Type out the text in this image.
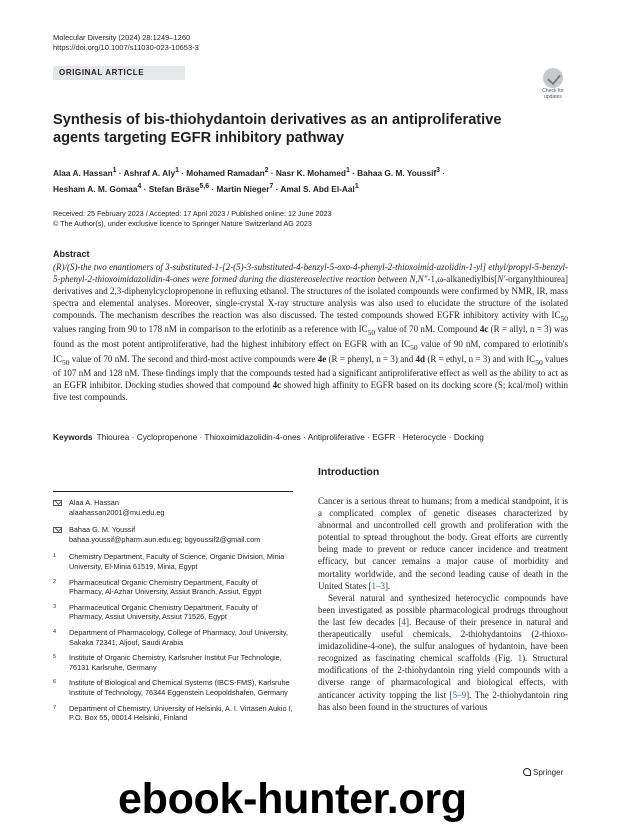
Molecular Diversity (2024) 28:1249–1260
https://doi.org/10.1007/s11030-023-10653-3
ORIGINAL ARTICLE
Check for
updates
Synthesis of bis-thiohydantoin derivatives as an antiproliferative agents targeting EGFR inhibitory pathway
Alaa A. Hassan$^1$ · Ashraf A. Aly$^1$ · Mohamed Ramadan$^2$ · Nasr K. Mohamed$^1$ · Bahaa G. M. Youssif$^3$ ·
Hesham A. M. Gomaa$^4$ · Stefan Bräse$^{5,6}$ · Martin Nieger$^7$ · Amal S. Abd El-Aal$^1$
Received: 25 February 2023 / Accepted: 17 April 2023 / Published online: 12 June 2023
© The Author(s), under exclusive licence to Springer Nature Switzerland AG 2023
Abstract

(R)/(S)-the two enantiomers of 3-substituted-1-[2-(5)-3-substituted-4-benzyl-5-oxo-4-phenyl-2-thioxoimid-azolidin-1-yl] ethyl/propyl-5-benzyl-5-phenyl-2-thioxoimidazolidin-4-ones were formed during the diastereoselective reaction between N,N″-1,ω-alkanediylbis[N′-organylthiourea] derivatives and 2,3-diphenylcyclopropenone in refluxing ethanol. The structures of the isolated compounds were confirmed by NMR, IR, mass spectra and elemental analyses. Moreover, single-crystal X-ray structure analysis was also used to elucidate the structure of the isolated compounds. The mechanism describes the reaction was also discussed. The tested compounds showed EGFR inhibitory activity with $IC_{50}$ values ranging from 90 to 178 nM in comparison to the erlotinib as a reference with $IC_{50}$ value of 70 nM. Compound 4c (R = allyl, n = 3) was found as the most potent antiproliferative, had the highest inhibitory effect on EGFR with an $IC_{50}$ value of 90 nM, compared to erlotinib's $IC_{50}$ value of 70 nM. The second and third-most active compounds were 4e (R = phenyl, n = 3) and 4d (R = ethyl, n = 3) and with $IC_{50}$ values of 107 nM and 128 nM. These findings imply that the compounds tested had a significant antiproliferative effect as well as the ability to act as an EGFR inhibitor. Docking studies showed that compound 4c showed high affinity to EGFR based on its docking score (S; kcal/mol) within five test compounds.

Keywords Thiourea · Cyclopropenone · Thioxoimidazolidin-4-ones · Antiproliferative · EGFR · Heterocycle · Docking
Alaa A. Hassan
alaahassan2001@mu.edu.eg
Bahaa G. M. Youssif
bahaa.youssif@pharm.aun.edu.eg; bgyoussif2@gmail.com
1	Chemistry Department, Faculty of Science, Organic Division, Minia University, El-Minia 61519, Minia, Egypt
2	Pharmaceutical Organic Chemistry Department, Faculty of Pharmacy, Al-Azhar University, Assiut Branch, Assiut, Egypt
3	Pharmaceutical Organic Chemistry Department, Faculty of Pharmacy, Assiut University, Assiut 71526, Egypt
4	Department of Pharmacology, College of Pharmacy, Jouf University, Sakaka 72341, Aljouf, Saudi Arabia
5	Institute of Organic Chemistry, Karlsruher Institut Fur Technologie, 76131 Karlsruhe, Germany
6	Institute of Biological and Chemical Systems (IBCS-FMS), Karlsruhe Institute of Technology, 76344 Eggenstein Leopoldshafen, Germany
7	Department of Chemistry, University of Helsinki, A. I. Virtasen Aukio I, P.O. Box 55, 00014 Helsinki, Finland
Introduction

Cancer is a serious threat to humans; from a medical standpoint, it is a complicated complex of genetic diseases characterized by abnormal and uncontrolled cell growth and proliferation with the potential to spread throughout the body. Great efforts are currently being made to prevent or reduce cancer incidence and treatment efficacy, but cancer remains a major cause of morbidity and mortality worldwide, and the second leading cause of death in the United States [1–3].

Several natural and synthesized heterocyclic compounds have been investigated as possible pharmacological prodrugs throughout the last few decades [4]. Because of their presence in natural and therapeutically useful chemicals, 2-thiohydantoins (2-thioxo-imidazolidine-4-one), the sulfur analogues of hydantoin, have been recognized as fascinating chemical scaffolds (Fig. 1). Structural modifications of the 2-thiohydantoin ring yield compounds with a diverse range of pharmacological and biological effects, with anticancer activity topping the list [5–9]. The 2-thiohydantoin ring has also been found in the structures of various

Springer
ebook-hunter.org
